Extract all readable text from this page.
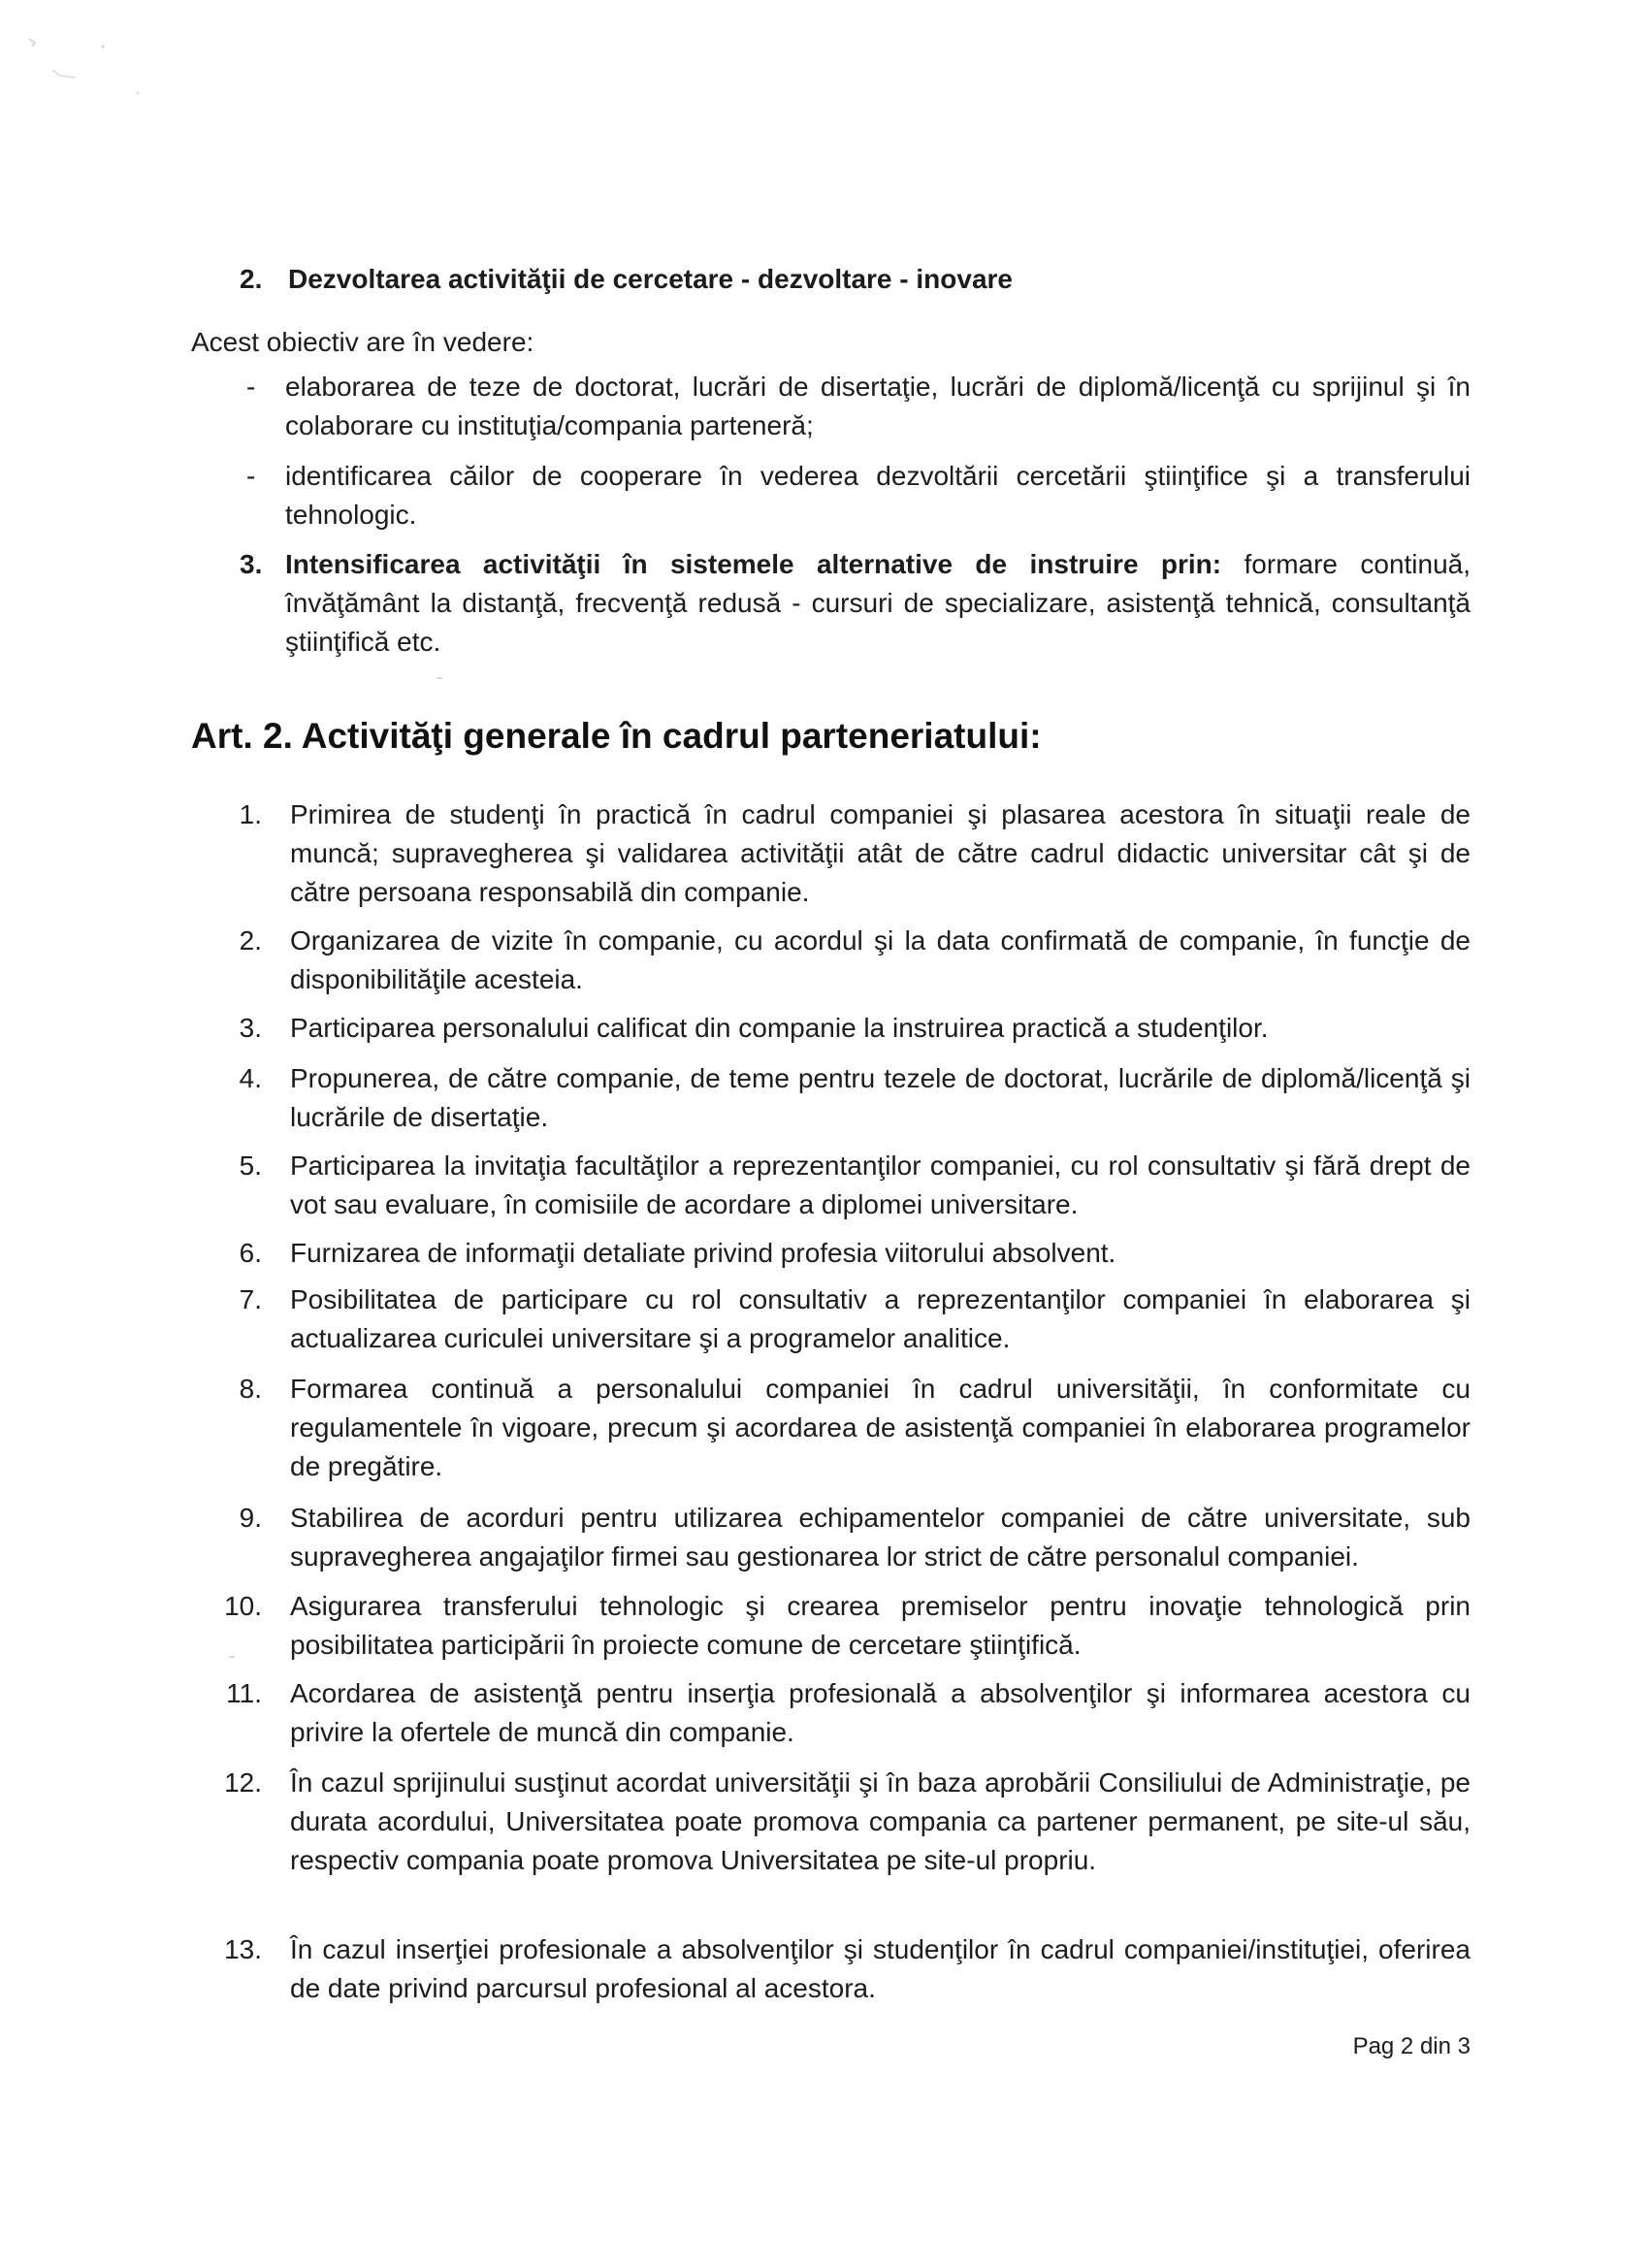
2. Dezvoltarea activităţii de cercetare - dezvoltare - inovare
Acest obiectiv are în vedere:
- elaborarea de teze de doctorat, lucrări de disertaţie, lucrări de diplomă/licenţă cu sprijinul şi în colaborare cu instituţia/compania parteneră;
- identificarea căilor de cooperare în vederea dezvoltării cercetării ştiinţifice şi a transferului tehnologic.
3. Intensificarea activităţii în sistemele alternative de instruire prin: formare continuă, învăţământ la distanţă, frecvenţă redusă - cursuri de specializare, asistenţă tehnică, consultanţă ştiinţifică etc.
Art. 2. Activităţi generale în cadrul parteneriatului:
1. Primirea de studenţi în practică în cadrul companiei şi plasarea acestora în situaţii reale de muncă; supravegherea şi validarea activităţii atât de către cadrul didactic universitar cât şi de către persoana responsabilă din companie.
2. Organizarea de vizite în companie, cu acordul şi la data confirmată de companie, în funcţie de disponibilităţile acesteia.
3. Participarea personalului calificat din companie la instruirea practică a studenţilor.
4. Propunerea, de către companie, de teme pentru tezele de doctorat, lucrările de diplomă/licenţă şi lucrările de disertaţie.
5. Participarea la invitaţia facultăţilor a reprezentanţilor companiei, cu rol consultativ şi fără drept de vot sau evaluare, în comisiile de acordare a diplomei universitare.
6. Furnizarea de informaţii detaliate privind profesia viitorului absolvent.
7. Posibilitatea de participare cu rol consultativ a reprezentanţilor companiei în elaborarea şi actualizarea curiculei universitare şi a programelor analitice.
8. Formarea continuă a personalului companiei în cadrul universităţii, în conformitate cu regulamentele în vigoare, precum şi acordarea de asistenţă companiei în elaborarea programelor de pregătire.
9. Stabilirea de acorduri pentru utilizarea echipamentelor companiei de către universitate, sub supravegherea angajaţilor firmei sau gestionarea lor strict de către personalul companiei.
10. Asigurarea transferului tehnologic şi crearea premiselor pentru inovaţie tehnologică prin posibilitatea participării în proiecte comune de cercetare ştiinţifică.
11. Acordarea de asistenţă pentru inserţia profesională a absolvenţilor şi informarea acestora cu privire la ofertele de muncă din companie.
12. În cazul sprijinului susţinut acordat universităţii şi în baza aprobării Consiliului de Administraţie, pe durata acordului, Universitatea poate promova compania ca partener permanent, pe site-ul său, respectiv compania poate promova Universitatea pe site-ul propriu.
13. În cazul inserţiei profesionale a absolvenţilor şi studenţilor în cadrul companiei/instituţiei, oferirea de date privind parcursul profesional al acestora.
Pag 2 din 3
